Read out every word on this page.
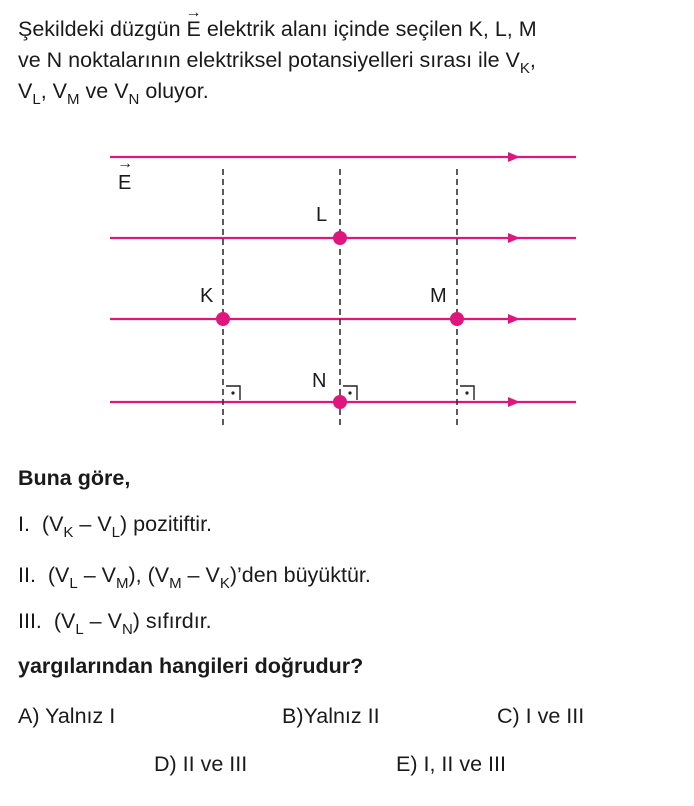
Şekildeki düzgün → E elektrik alanı içinde seçilen K, L, M

ve N noktalarının elektriksel potansiyelleri sırası ile $V_K$,

$V_L$, $V_M$ ve $V_N$ oluyor.

→ E
L
K	M
N
Buna göre,
I. $(V_K - V_L)$ pozitiftir.
II. $(V_L - V_M)$, ($V_M$ – $V_K)’den$ büyüktür.
III. $(V_L - V_N)$ sıfırdır.
yargılarından hangileri doğrudur?
A) Yalnız I	B)Yalnız II	C) I ve III
D) II ve III	E) I, II ve III
